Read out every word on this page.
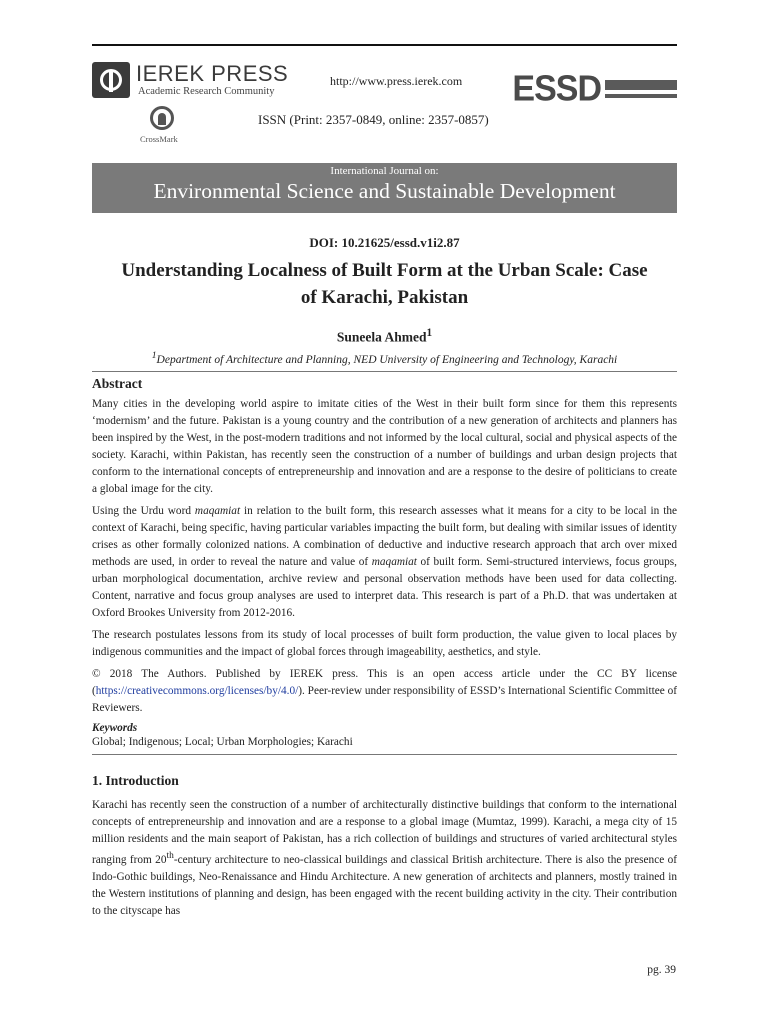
IEREK PRESS
Academic Research Community
CrossMark
http://www.press.ierek.com
ISSN (Print: 2357-0849, online: 2357-0857)
ESSD
International Journal on:
Environmental Science and Sustainable Development
DOI: 10.21625/essd.v1i2.87
Understanding Localness of Built Form at the Urban Scale: Case
of Karachi, Pakistan
Suneela Ahmed$^1$
$^1$Department of Architecture and Planning, NED University of Engineering and Technology, Karachi
Abstract

Many cities in the developing world aspire to imitate cities of the West in their built form since for them this represents ‘modernism’ and the future. Pakistan is a young country and the contribution of a new generation of architects and planners has been inspired by the West, in the post-modern traditions and not informed by the local cultural, social and physical aspects of the society. Karachi, within Pakistan, has recently seen the construction of a number of buildings and urban design projects that conform to the international concepts of entrepreneurship and innovation and are a response to the desire of politicians to create a global image for the city.

Using the Urdu word maqamiat in relation to the built form, this research assesses what it means for a city to be local in the context of Karachi, being specific, having particular variables impacting the built form, but dealing with similar issues of identity crises as other formally colonized nations. A combination of deductive and inductive research approach that arch over mixed methods are used, in order to reveal the nature and value of maqamiat of built form. Semi-structured interviews, focus groups, urban morphological documentation, archive review and personal observation methods have been used for data collecting. Content, narrative and focus group analyses are used to interpret data. This research is part of a Ph.D. that was undertaken at Oxford Brookes University from 2012-2016.

The research postulates lessons from its study of local processes of built form production, the value given to local places by indigenous communities and the impact of global forces through imageability, aesthetics, and style.

© 2018 The Authors. Published by IEREK press. This is an open access article under the CC BY license (https://creativecommons.org/licenses/by/4.0/). Peer-review under responsibility of ESSD’s International Scientific Committee of Reviewers.

Keywords
Global; Indigenous; Local; Urban Morphologies; Karachi
1. Introduction

Karachi has recently seen the construction of a number of architecturally distinctive buildings that conform to the international concepts of entrepreneurship and innovation and are a response to a global image (Mumtaz, 1999). Karachi, a mega city of 15 million residents and the main seaport of Pakistan, has a rich collection of buildings and structures of varied architectural styles ranging from 20th-century architecture to neo-classical buildings and classical British architecture. There is also the presence of Indo-Gothic buildings, Neo-Renaissance and Hindu Architecture. A new generation of architects and planners, mostly trained in the Western institutions of planning and design, has been engaged with the recent building activity in the city. Their contribution to the cityscape has

pg. 39
